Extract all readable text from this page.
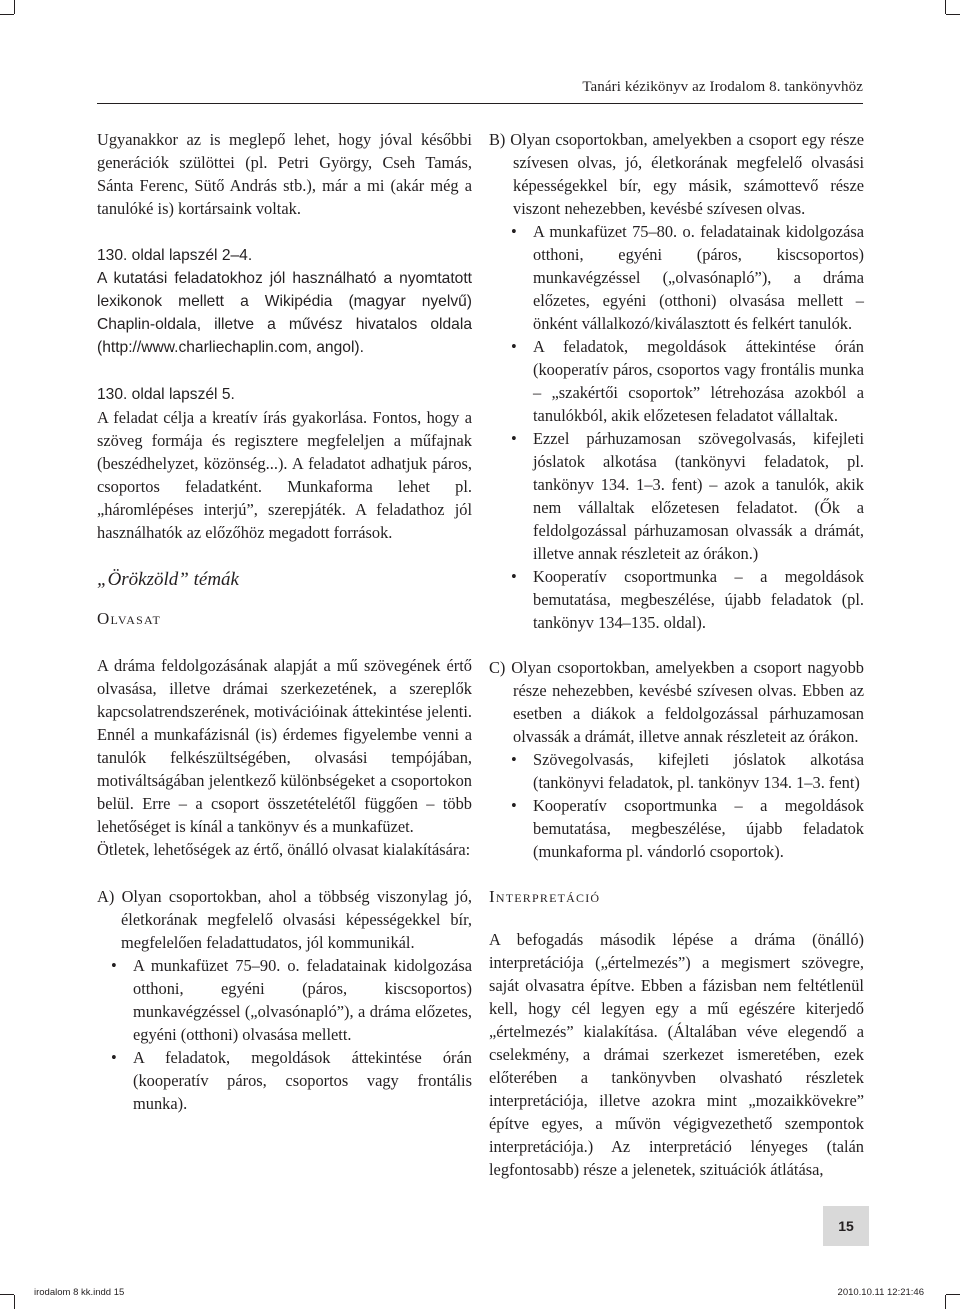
Tanári kézikönyv az Irodalom 8. tankönyvhöz

Ugyanakkor az is meglepő lehet, hogy jóval későbbi generációk szülöttei (pl. Petri György, Cseh Tamás, Sánta Ferenc, Sütő András stb.), már a mi (akár még a tanulóké is) kortársaink voltak.

130. oldal lapszél 2–4.

A kutatási feladatokhoz jól használható a nyomtatott lexikonok mellett a Wikipédia (magyar nyelvű) Chaplin-oldala, illetve a művész hivatalos oldala (http://www.charliechaplin.com, angol).

130. oldal lapszél 5.

A feladat célja a kreatív írás gyakorlása. Fontos, hogy a szöveg formája és regisztere megfeleljen a műfajnak (beszédhelyzet, közönség...). A feladatot adhatjuk páros, csoportos feladatként. Munkaforma lehet pl. „háromlépéses interjú”, szerepjáték. A feladathoz jól használhatók az előzőhöz megadott források.

„Örökzöld” témák

Olvasat

A dráma feldolgozásának alapját a mű szövegének értő olvasása, illetve drámai szerkezetének, a szereplők kapcsolatrendszerének, motivációinak áttekintése jelenti. Ennél a munkafázisnál (is) érdemes figyelembe venni a tanulók felkészültségében, olvasási tempójában, motiváltságában jelentkező különbségeket a csoportokon belül. Erre – a csoport összetételétől függően – több lehetőséget is kínál a tankönyv és a munkafüzet.

Ötletek, lehetőségek az értő, önálló olvasat kialakítására:

A) Olyan csoportokban, ahol a többség viszonylag jó, életkorának megfelelő olvasási képességekkel bír, megfelelően feladattudatos, jól kommunikál.

• A munkafüzet 75–90. o. feladatainak kidolgozása otthoni, egyéni (páros, kiscsoportos) munkavégzéssel („olvasónapló”), a dráma előzetes, egyéni (otthoni) olvasása mellett.
• A feladatok, megoldások áttekintése órán (kooperatív páros, csoportos vagy frontális munka).

B) Olyan csoportokban, amelyekben a csoport egy része szívesen olvas, jó, életkorának megfelelő olvasási képességekkel bír, egy másik, számottevő része viszont nehezebben, kevésbé szívesen olvas.

• A munkafüzet 75–80. o. feladatainak kidolgozása otthoni, egyéni (páros, kiscsoportos) munkavégzéssel („olvasónapló”), a dráma előzetes, egyéni (otthoni) olvasása mellett – önként vállalkozó/kiválasztott és felkért tanulók.
• A feladatok, megoldások áttekintése órán (kooperatív páros, csoportos vagy frontális munka – „szakértői csoportok” létrehozása azokból a tanulókból, akik előzetesen feladatot vállaltak.
• Ezzel párhuzamosan szövegolvasás, kifejleti jóslatok alkotása (tankönyvi feladatok, pl. tankönyv 134. 1–3. fent) – azok a tanulók, akik nem vállaltak előzetesen feladatot. (Ők a feldolgozással párhuzamosan olvassák a drámát, illetve annak részleteit az órákon.)
• Kooperatív csoportmunka – a megoldások bemutatása, megbeszélése, újabb feladatok (pl. tankönyv 134–135. oldal).

C) Olyan csoportokban, amelyekben a csoport nagyobb része nehezebben, kevésbé szívesen olvas. Ebben az esetben a diákok a feldolgozással párhuzamosan olvassák a drámát, illetve annak részleteit az órákon.

• Szövegolvasás, kifejleti jóslatok alkotása (tankönyvi feladatok, pl. tankönyv 134. 1–3. fent)
• Kooperatív csoportmunka – a megoldások bemutatása, megbeszélése, újabb feladatok (munkaforma pl. vándorló csoportok).

Interpretáció

A befogadás második lépése a dráma (önálló) interpretációja („értelmezés”) a megismert szövegre, saját olvasatra építve. Ebben a fázisban nem feltétlenül kell, hogy cél legyen egy a mű egészére kiterjedő „értelmezés” kialakítása. (Általában véve elegendő a cselekmény, a drámai szerkezet ismeretében, ezek előterében a tankönyvben olvasható részletek interpretációja, illetve azokra mint „mozaikkövekre” építve egyes, a művön végigvezethető szempontok interpretációja.) Az interpretáció lényeges (talán legfontosabb) része a jelenetek, szituációk átlátása,

15
irodalom 8 kk.indd 15	2010.10.11 12:21:46
